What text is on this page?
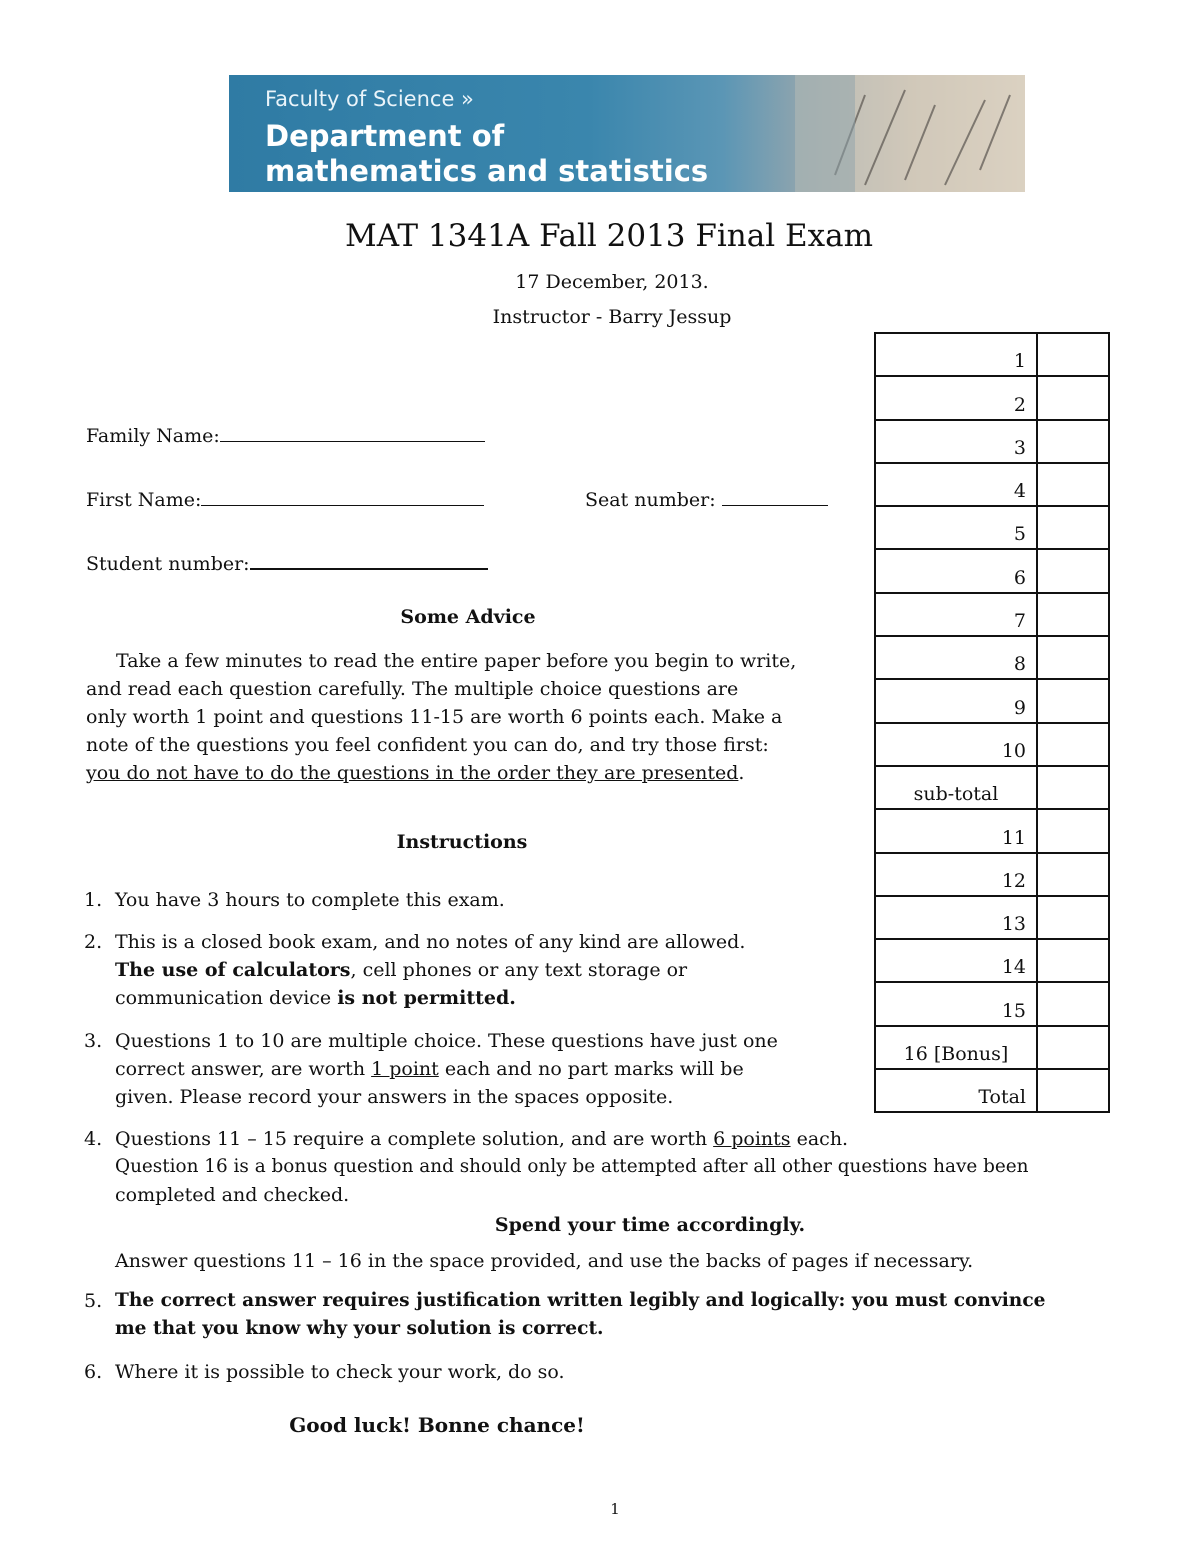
Faculty of Science »
Department of
mathematics and statistics
MAT 1341A Fall 2013 Final Exam
17 December, 2013.
Instructor - Barry Jessup
Family Name:
First Name:	Seat number:
Student number:
1	
2	
3	
4	
5	
6	
7	
8	
9	
10	
sub-total	
11	
12	
13	
14	
15	
16 [Bonus]	
Total	
Some Advice
Take a few minutes to read the entire paper before you begin to write,
and read each question carefully. The multiple choice questions are
only worth 1 point and questions 11-15 are worth 6 points each. Make a
note of the questions you feel confident you can do, and try those first:
you do not have to do the questions in the order they are presented.
Instructions
1. You have 3 hours to complete this exam.
2. This is a closed book exam, and no notes of any kind are allowed.
The use of calculators, cell phones or any text storage or
communication device is not permitted.
3. Questions 1 to 10 are multiple choice. These questions have just one
correct answer, are worth 1 point each and no part marks will be
given. Please record your answers in the spaces opposite.
4. Questions 11 – 15 require a complete solution, and are worth 6 points each.
Question 16 is a bonus question and should only be attempted after all other questions have been
completed and checked.
Spend your time accordingly.
Answer questions 11 – 16 in the space provided, and use the backs of pages if necessary.
5. The correct answer requires justification written legibly and logically: you must convince
me that you know why your solution is correct.
6. Where it is possible to check your work, do so.
Good luck! Bonne chance!
1
